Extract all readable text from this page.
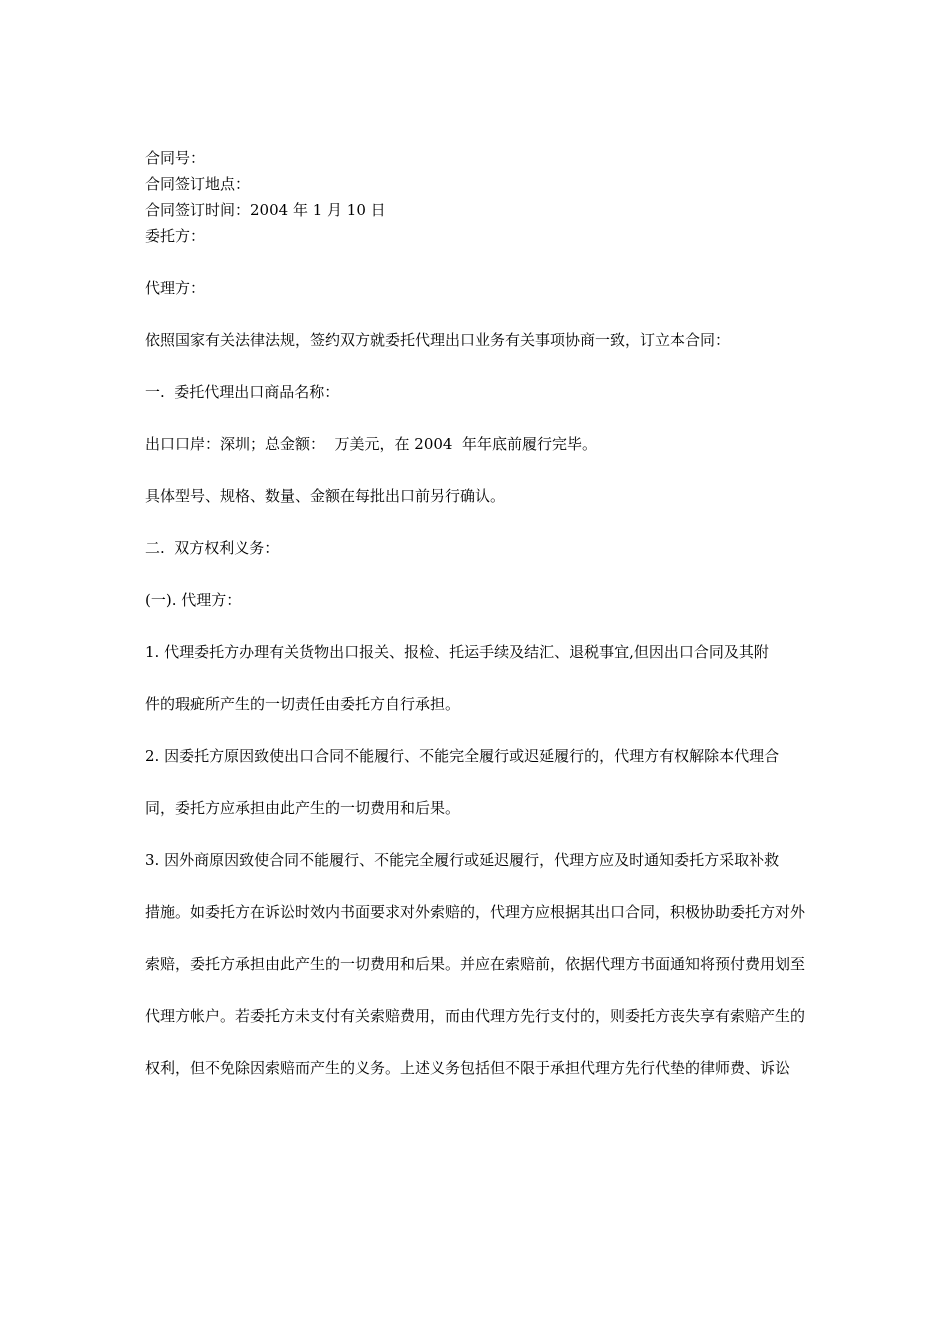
合同号：
合同签订地点：
合同签订时间：2004 年 1 月 10 日
委托方：
代理方：
依照国家有关法律法规，签约双方就委托代理出口业务有关事项协商一致，订立本合同：
一.  委托代理出口商品名称：
出口口岸：深圳；总金额：  万美元，在 2004  年年底前履行完毕。
具体型号、规格、数量、金额在每批出口前另行确认。
二.  双方权利义务：
(一). 代理方：
1. 代理委托方办理有关货物出口报关、报检、托运手续及结汇、退税事宜,但因出口合同及其附
件的瑕疵所产生的一切责任由委托方自行承担。
2. 因委托方原因致使出口合同不能履行、不能完全履行或迟延履行的，代理方有权解除本代理合
同，委托方应承担由此产生的一切费用和后果。
3. 因外商原因致使合同不能履行、不能完全履行或延迟履行，代理方应及时通知委托方采取补救
措施。如委托方在诉讼时效内书面要求对外索赔的，代理方应根据其出口合同，积极协助委托方对外
索赔，委托方承担由此产生的一切费用和后果。并应在索赔前，依据代理方书面通知将预付费用划至
代理方帐户。若委托方未支付有关索赔费用，而由代理方先行支付的，则委托方丧失享有索赔产生的
权利，但不免除因索赔而产生的义务。上述义务包括但不限于承担代理方先行代垫的律师费、诉讼
